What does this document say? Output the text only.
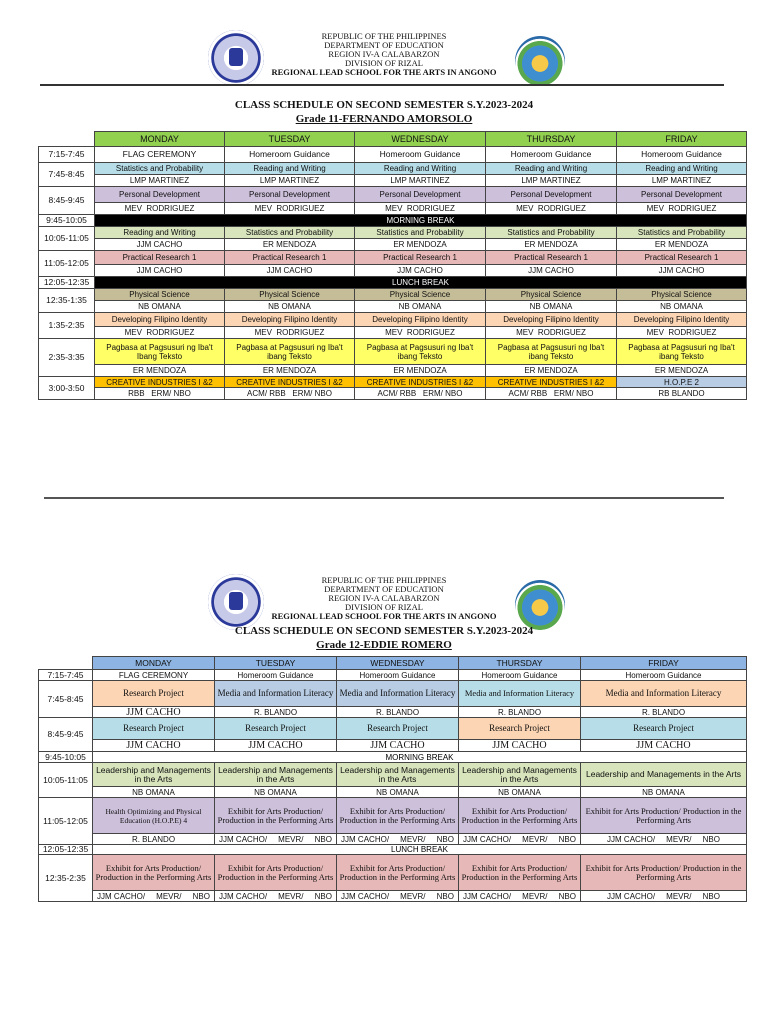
REPUBLIC OF THE PHILIPPINES
DEPARTMENT OF EDUCATION
REGION IV-A CALABARZON
DIVISION OF RIZAL
REGIONAL LEAD SCHOOL FOR THE ARTS IN ANGONO
CLASS SCHEDULE ON SECOND SEMESTER S.Y.2023-2024
Grade 11-FERNANDO AMORSOLO
	MONDAY	TUESDAY	WEDNESDAY	THURSDAY	FRIDAY
7:15-7:45	FLAG CEREMONY	Homeroom Guidance	Homeroom Guidance	Homeroom Guidance	Homeroom Guidance
7:45-8:45	Statistics and Probability	Reading and Writing	Reading and Writing	Reading and Writing	Reading and Writing
	LMP MARTINEZ	LMP MARTINEZ	LMP MARTINEZ	LMP MARTINEZ	LMP MARTINEZ
8:45-9:45	Personal Development	Personal Development	Personal Development	Personal Development	Personal Development
	MEV  RODRIGUEZ	MEV  RODRIGUEZ	MEV  RODRIGUEZ	MEV  RODRIGUEZ	MEV  RODRIGUEZ
9:45-10:05	MORNING BREAK				
10:05-11:05	Reading and Writing	Statistics and Probability	Statistics and Probability	Statistics and Probability	Statistics and Probability
	JJM CACHO	ER MENDOZA	ER MENDOZA	ER MENDOZA	ER MENDOZA
11:05-12:05	Practical Research 1	Practical Research 1	Practical Research 1	Practical Research 1	Practical Research 1
	JJM CACHO	JJM CACHO	JJM CACHO	JJM CACHO	JJM CACHO
12:05-12:35	LUNCH BREAK				
12:35-1:35	Physical Science	Physical Science	Physical Science	Physical Science	Physical Science
	NB OMANA	NB OMANA	NB OMANA	NB OMANA	NB OMANA
1:35-2:35	Developing Filipino Identity	Developing Filipino Identity	Developing Filipino Identity	Developing Filipino Identity	Developing Filipino Identity
	MEV  RODRIGUEZ	MEV  RODRIGUEZ	MEV  RODRIGUEZ	MEV  RODRIGUEZ	MEV  RODRIGUEZ
2:35-3:35	Pagbasa at Pagsusuri ng Iba't Ibang Teksto	Pagbasa at Pagsusuri ng Iba't ibang Teksto	Pagbasa at Pagsusuri ng Iba't ibang Teksto	Pagbasa at Pagsusuri ng Iba't ibang Teksto	Pagbasa at Pagsusuri ng Iba't ibang Teksto
	ER MENDOZA	ER MENDOZA	ER MENDOZA	ER MENDOZA	ER MENDOZA
3:00-3:50	CREATIVE INDUSTRIES I &2	CREATIVE INDUSTRIES I &2	CREATIVE INDUSTRIES I &2	CREATIVE INDUSTRIES I &2	H.O.P.E 2
	RBB   ERM/ NBO	ACM/ RBB   ERM/ NBO	ACM/ RBB   ERM/ NBO	ACM/ RBB   ERM/ NBO	RB BLANDO
REPUBLIC OF THE PHILIPPINES
DEPARTMENT OF EDUCATION
REGION IV-A CALABARZON
DIVISION OF RIZAL
REGIONAL LEAD SCHOOL FOR THE ARTS IN ANGONO
CLASS SCHEDULE ON SECOND SEMESTER S.Y.2023-2024
Grade 12-EDDIE ROMERO
	MONDAY	TUESDAY	WEDNESDAY	THURSDAY	FRIDAY
7:15-7:45	FLAG CEREMONY	Homeroom Guidance	Homeroom Guidance	Homeroom Guidance	Homeroom Guidance
7:45-8:45	Research Project	Media and Information Literacy	Media and Information Literacy	Media and Information Literacy	Media and Information Literacy
	JJM CACHO	R. BLANDO	R. BLANDO	R. BLANDO	R. BLANDO
8:45-9:45	Research Project	Research Project	Research Project	Research Project	Research Project
	JJM CACHO	JJM CACHO	JJM CACHO	JJM CACHO	JJM CACHO
9:45-10:05	MORNING BREAK				
10:05-11:05	Leadership and Managements in the Arts	Leadership and Managements in the Arts	Leadership and Managements in the Arts	Leadership and Managements in the Arts	Leadership and Managements in the Arts
	NB OMANA	NB OMANA	NB OMANA	NB OMANA	NB OMANA
11:05-12:05	Health Optimizing and Physical Education (H.O.P.E) 4	Exhibit for Arts Production/ Production in the Performing Arts	Exhibit for Arts Production/ Production in the Performing Arts	Exhibit for Arts Production/ Production in the Performing Arts	Exhibit for Arts Production/ Production in the Performing Arts
	R. BLANDO	JJM CACHO/     MEVR/     NBO	JJM CACHO/     MEVR/     NBO	JJM CACHO/     MEVR/     NBO	JJM CACHO/     MEVR/     NBO
12:05-12:35	LUNCH BREAK				
12:35-2:35	Exhibit for Arts Production/ Production in the Performing Arts	Exhibit for Arts Production/ Production in the Performing Arts	Exhibit for Arts Production/ Production in the Performing Arts	Exhibit for Arts Production/ Production in the Performing Arts	Exhibit for Arts Production/ Production in the Performing Arts
	JJM CACHO/     MEVR/     NBO	JJM CACHO/     MEVR/     NBO	JJM CACHO/     MEVR/     NBO	JJM CACHO/     MEVR/     NBO	JJM CACHO/     MEVR/     NBO
